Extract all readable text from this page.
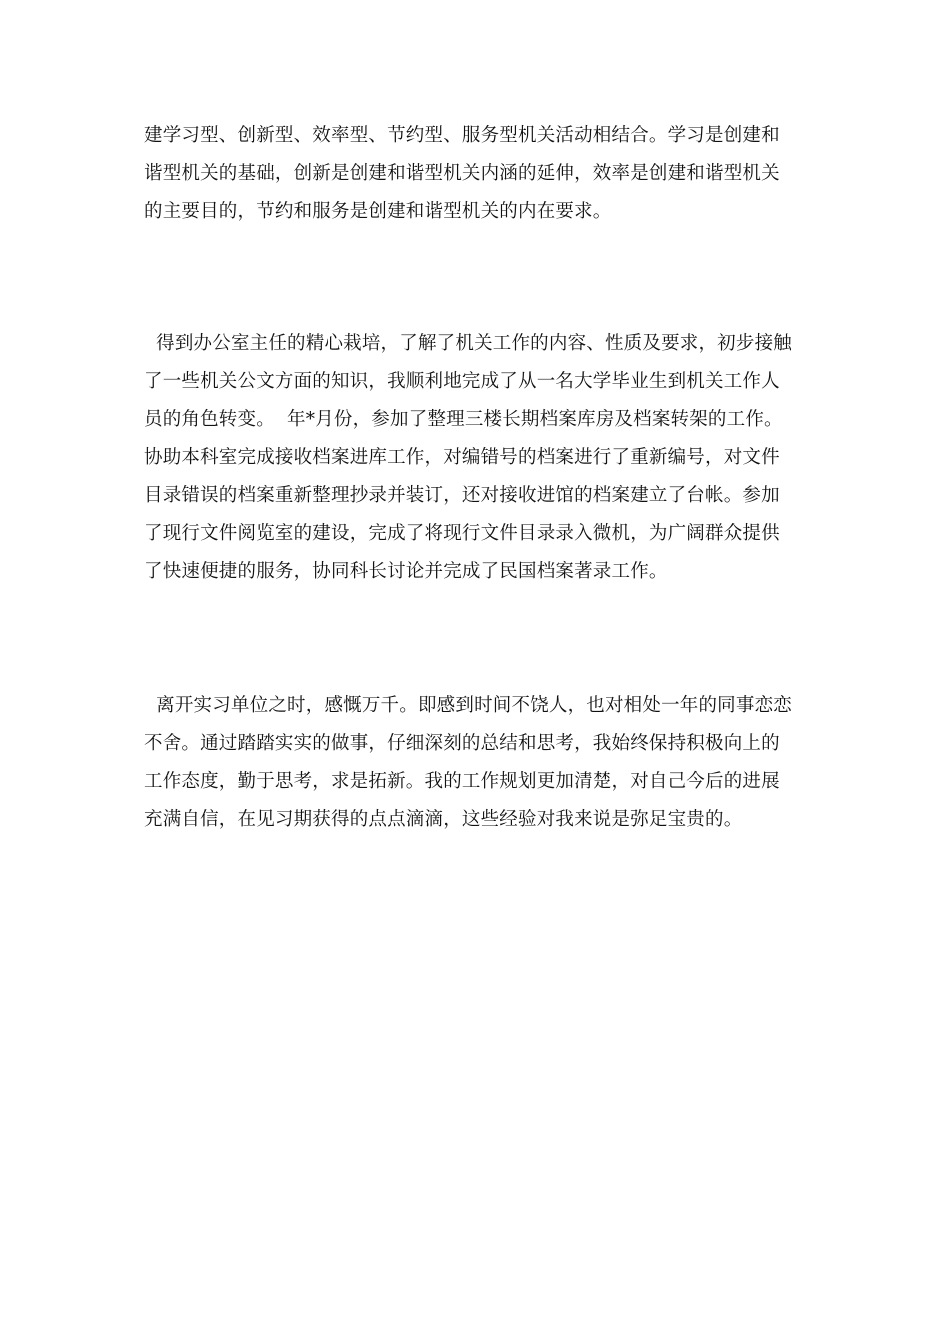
建学习型、创新型、效率型、节约型、服务型机关活动相结合。学习是创建和
谐型机关的基础，创新是创建和谐型机关内涵的延伸，效率是创建和谐型机关
的主要目的，节约和服务是创建和谐型机关的内在要求。
得到办公室主任的精心栽培，了解了机关工作的内容、性质及要求，初步接触
了一些机关公文方面的知识，我顺利地完成了从一名大学毕业生到机关工作人
员的角色转变。  年*月份，参加了整理三楼长期档案库房及档案转架的工作。
协助本科室完成接收档案进库工作，对编错号的档案进行了重新编号，对文件
目录错误的档案重新整理抄录并装订，还对接收进馆的档案建立了台帐。参加
了现行文件阅览室的建设，完成了将现行文件目录录入微机，为广阔群众提供
了快速便捷的服务，协同科长讨论并完成了民国档案著录工作。
离开实习单位之时，感慨万千。即感到时间不饶人，也对相处一年的同事恋恋
不舍。通过踏踏实实的做事，仔细深刻的总结和思考，我始终保持积极向上的
工作态度，勤于思考，求是拓新。我的工作规划更加清楚，对自己今后的进展
充满自信，在见习期获得的点点滴滴，这些经验对我来说是弥足宝贵的。
